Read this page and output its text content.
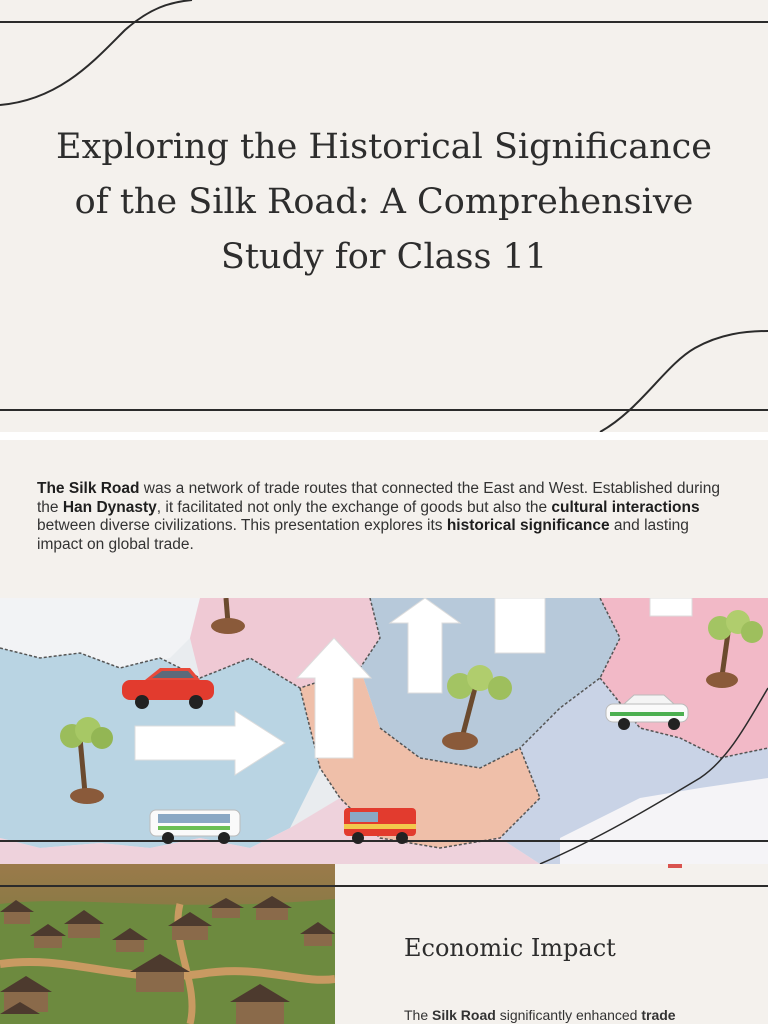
Exploring the Historical Significance of the Silk Road: A Comprehensive Study for Class 11

The Silk Road was a network of trade routes that connected the East and West. Established during the Han Dynasty, it facilitated not only the exchange of goods but also the cultural interactions between diverse civilizations. This presentation explores its historical significance and lasting impact on global trade.

Economic Impact

The Silk Road significantly enhanced trade
